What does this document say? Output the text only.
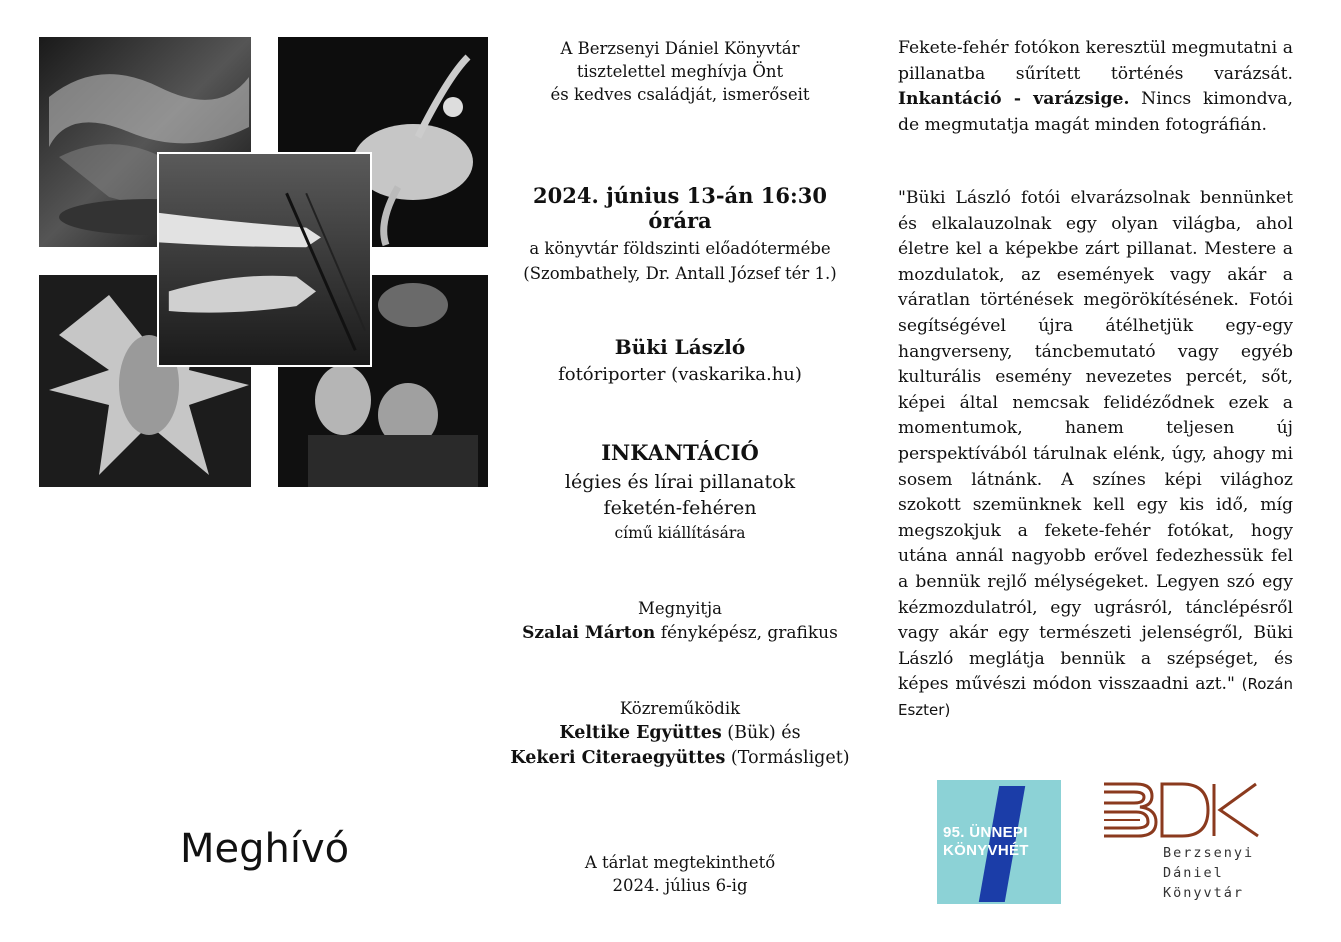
A Berzsenyi Dániel Könyvtár
tisztelettel meghívja Önt
és kedves családját, ismerőseit
2024. június 13-án 16:30 órára
a könyvtár földszinti előadótermébe
(Szombathely, Dr. Antall József tér 1.)
Büki László
fotóriporter (vaskarika.hu)
INKANTÁCIÓ
légies és lírai pillanatok
feketén-fehéren
című kiállítására
Megnyitja
Szalai Márton fényképész, grafikus
Közreműködik
Keltike Együttes (Bük) és
Kekeri Citeraegyüttes (Tormásliget)
A tárlat megtekinthető
2024. július 6-ig
Meghívó
Fekete-fehér fotókon keresztül megmutatni a pillanatba sűrített történés varázsát. Inkantáció - varázsige. Nincs kimondva, de megmutatja magát minden fotográfián.
"Büki László fotói elvarázsolnak bennünket és elkalauzolnak egy olyan világba, ahol életre kel a képekbe zárt pillanat. Mestere a mozdulatok, az események vagy akár a váratlan történések megörökítésének. Fotói segítségével újra átélhetjük egy-egy hangverseny, táncbemutató vagy egyéb kulturális esemény nevezetes percét, sőt, képei által nemcsak felidéződnek ezek a momentumok, hanem teljesen új perspektívából tárulnak elénk, úgy, ahogy mi sosem látnánk. A színes képi világhoz szokott szemünknek kell egy kis idő, míg megszokjuk a fekete-fehér fotókat, hogy utána annál nagyobb erővel fedezhessük fel a bennük rejlő mélységeket. Legyen szó egy kézmozdulatról, egy ugrásról, tánclépésről vagy akár egy természeti jelenségről, Büki László meglátja bennük a szépséget, és képes művészi módon visszaadni azt." (Rozán Eszter)
95. ÜNNEPI
KÖNYVHÉT	Berzsenyi
Dániel
Könyvtár
